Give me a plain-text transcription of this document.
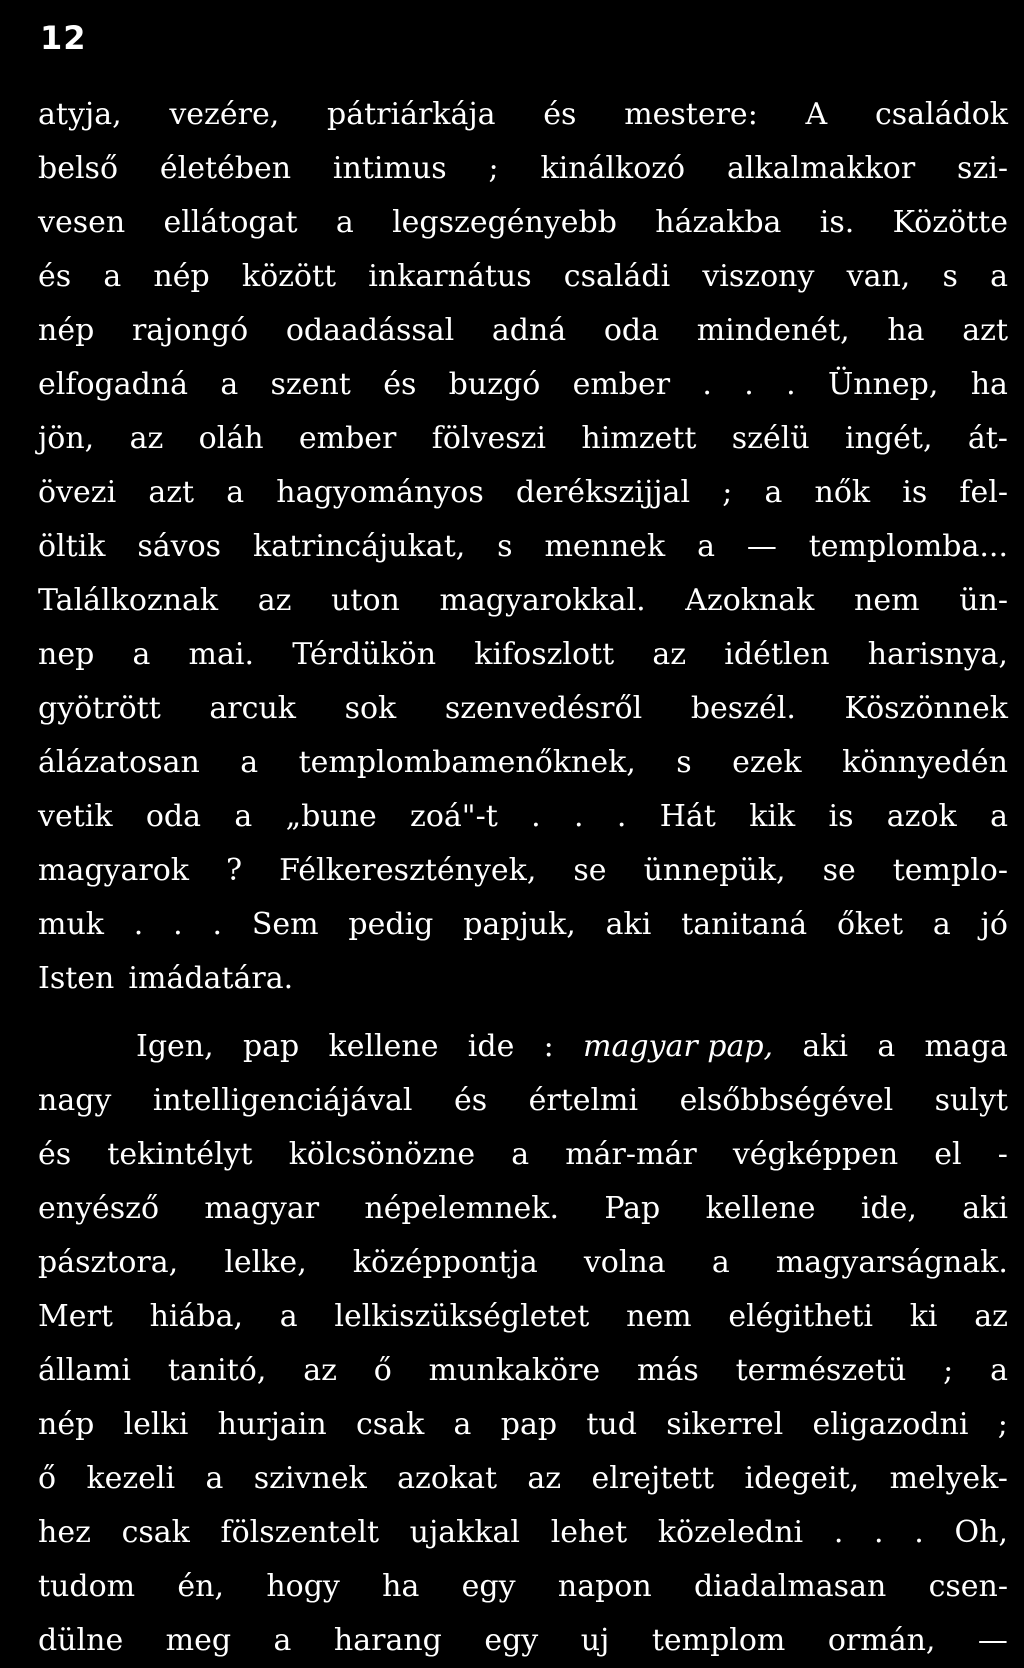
12
atyja, vezére, pátriárkája és mestere: A családok
belső életében intimus ; kinálkozó alkalmakkor szi-
vesen ellátogat a legszegényebb házakba is. Közötte
és a nép között inkarnátus családi viszony van, s a
nép rajongó odaadással adná oda mindenét, ha azt
elfogadná a szent és buzgó ember . . . Ünnep, ha
jön, az oláh ember fölveszi himzett szélü ingét, át-
övezi azt a hagyományos derékszijjal ; a nők is fel-
öltik sávos katrincájukat, s mennek a — templomba...
Találkoznak az uton magyarokkal. Azoknak nem ün-
nep a mai. Térdükön kifoszlott az idétlen harisnya,
gyötrött arcuk sok szenvedésről beszél. Köszönnek
álázatosan a templombamenőknek, s ezek könnyedén
vetik oda a „bune zoá"-t . . . Hát kik is azok a
magyarok ? Félkeresztények, se ünnepük, se templo-
muk . . . Sem pedig papjuk, aki tanitaná őket a jó
Isten imádatára.
Igen, pap kellene ide : magyar pap, aki a maga
nagy intelligenciájával és értelmi elsőbbségével sulyt
és tekintélyt kölcsönözne a már-már végképpen el -
enyésző magyar népelemnek. Pap kellene ide, aki
pásztora, lelke, középpontja volna a magyarságnak.
Mert hiába, a lelkiszükségletet nem elégitheti ki az
állami tanitó, az ő munkaköre más természetü ; a
nép lelki hurjain csak a pap tud sikerrel eligazodni ;
ő kezeli a szivnek azokat az elrejtett idegeit, melyek-
hez csak fölszentelt ujakkal lehet közeledni . . . Oh,
tudom én, hogy ha egy napon diadalmasan csen-
dülne meg a harang egy uj templom ormán, —
